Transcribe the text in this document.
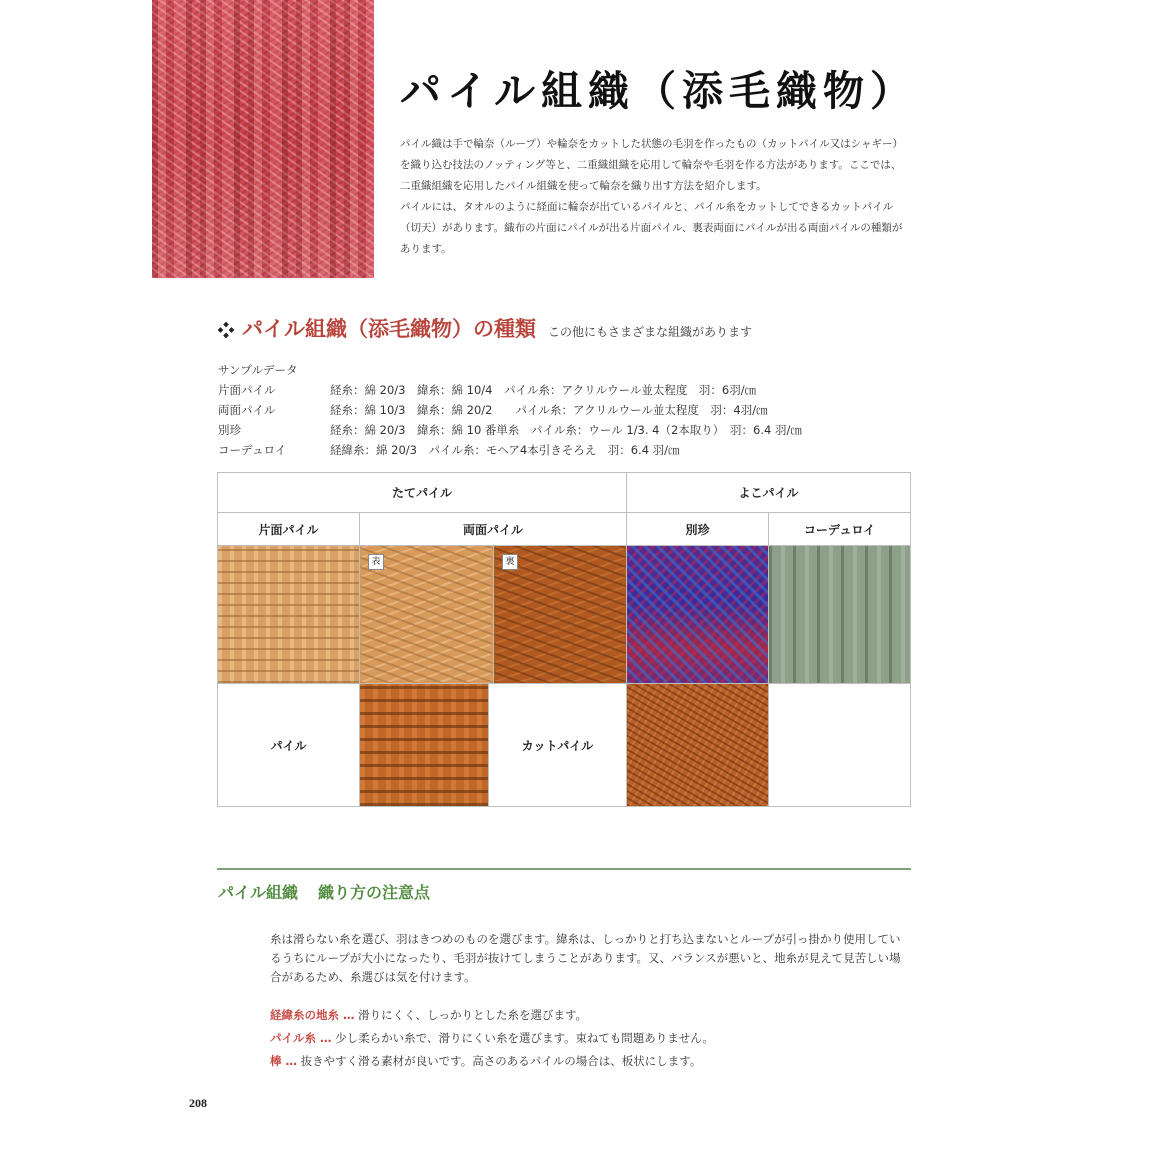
パイル組織（添毛織物）

パイル織は手で輪奈（ループ）や輪奈をカットした状態の毛羽を作ったもの（カットパイル又はシャギー）を織り込む技法のノッティング等と、二重織組織を応用して輪奈や毛羽を作る方法があります。ここでは、二重織組織を応用したパイル組織を使って輪奈を織り出す方法を紹介します。

パイルには、タオルのように経面に輪奈が出ているパイルと、パイル糸をカットしてできるカットパイル（切天）があります。織布の片面にパイルが出る片面パイル、裏表両面にパイルが出る両面パイルの種類があります。

パイル組織（添毛織物）の種類 この他にもさまざまな組織があります
サンプルデータ
片面パイル	経糸：綿 20/3　緯糸：綿 10/4　パイル糸：アクリルウール並太程度　羽：6羽/㎝
両面パイル	経糸：綿 10/3　緯糸：綿 20/2　　パイル糸：アクリルウール並太程度　羽：4羽/㎝
別珍	経糸：綿 20/3　緯糸：綿 10 番単糸　パイル糸：ウール 1/3. 4（2本取り）　羽：6.4 羽/㎝
コーデュロイ	経緯糸：綿 20/3　パイル糸：モヘア4本引きそろえ　羽：6.4 羽/㎝
たてパイル	よこパイル
片面パイル	両面パイル	別珍	コーデュロイ
表	裏
パイル	カットパイル
パイル組織 織り方の注意点
糸は滑らない糸を選び、羽はきつめのものを選びます。緯糸は、しっかりと打ち込まないとループが引っ掛かり使用しているうちにループが大小になったり、毛羽が抜けてしまうことがあります。又、バランスが悪いと、地糸が見えて見苦しい場合があるため、糸選びは気を付けます。
経緯糸の地糸 … 滑りにくく、しっかりとした糸を選びます。
パイル糸 … 少し柔らかい糸で、滑りにくい糸を選びます。束ねても問題ありません。
棒 … 抜きやすく滑る素材が良いです。高さのあるパイルの場合は、板状にします。
208
